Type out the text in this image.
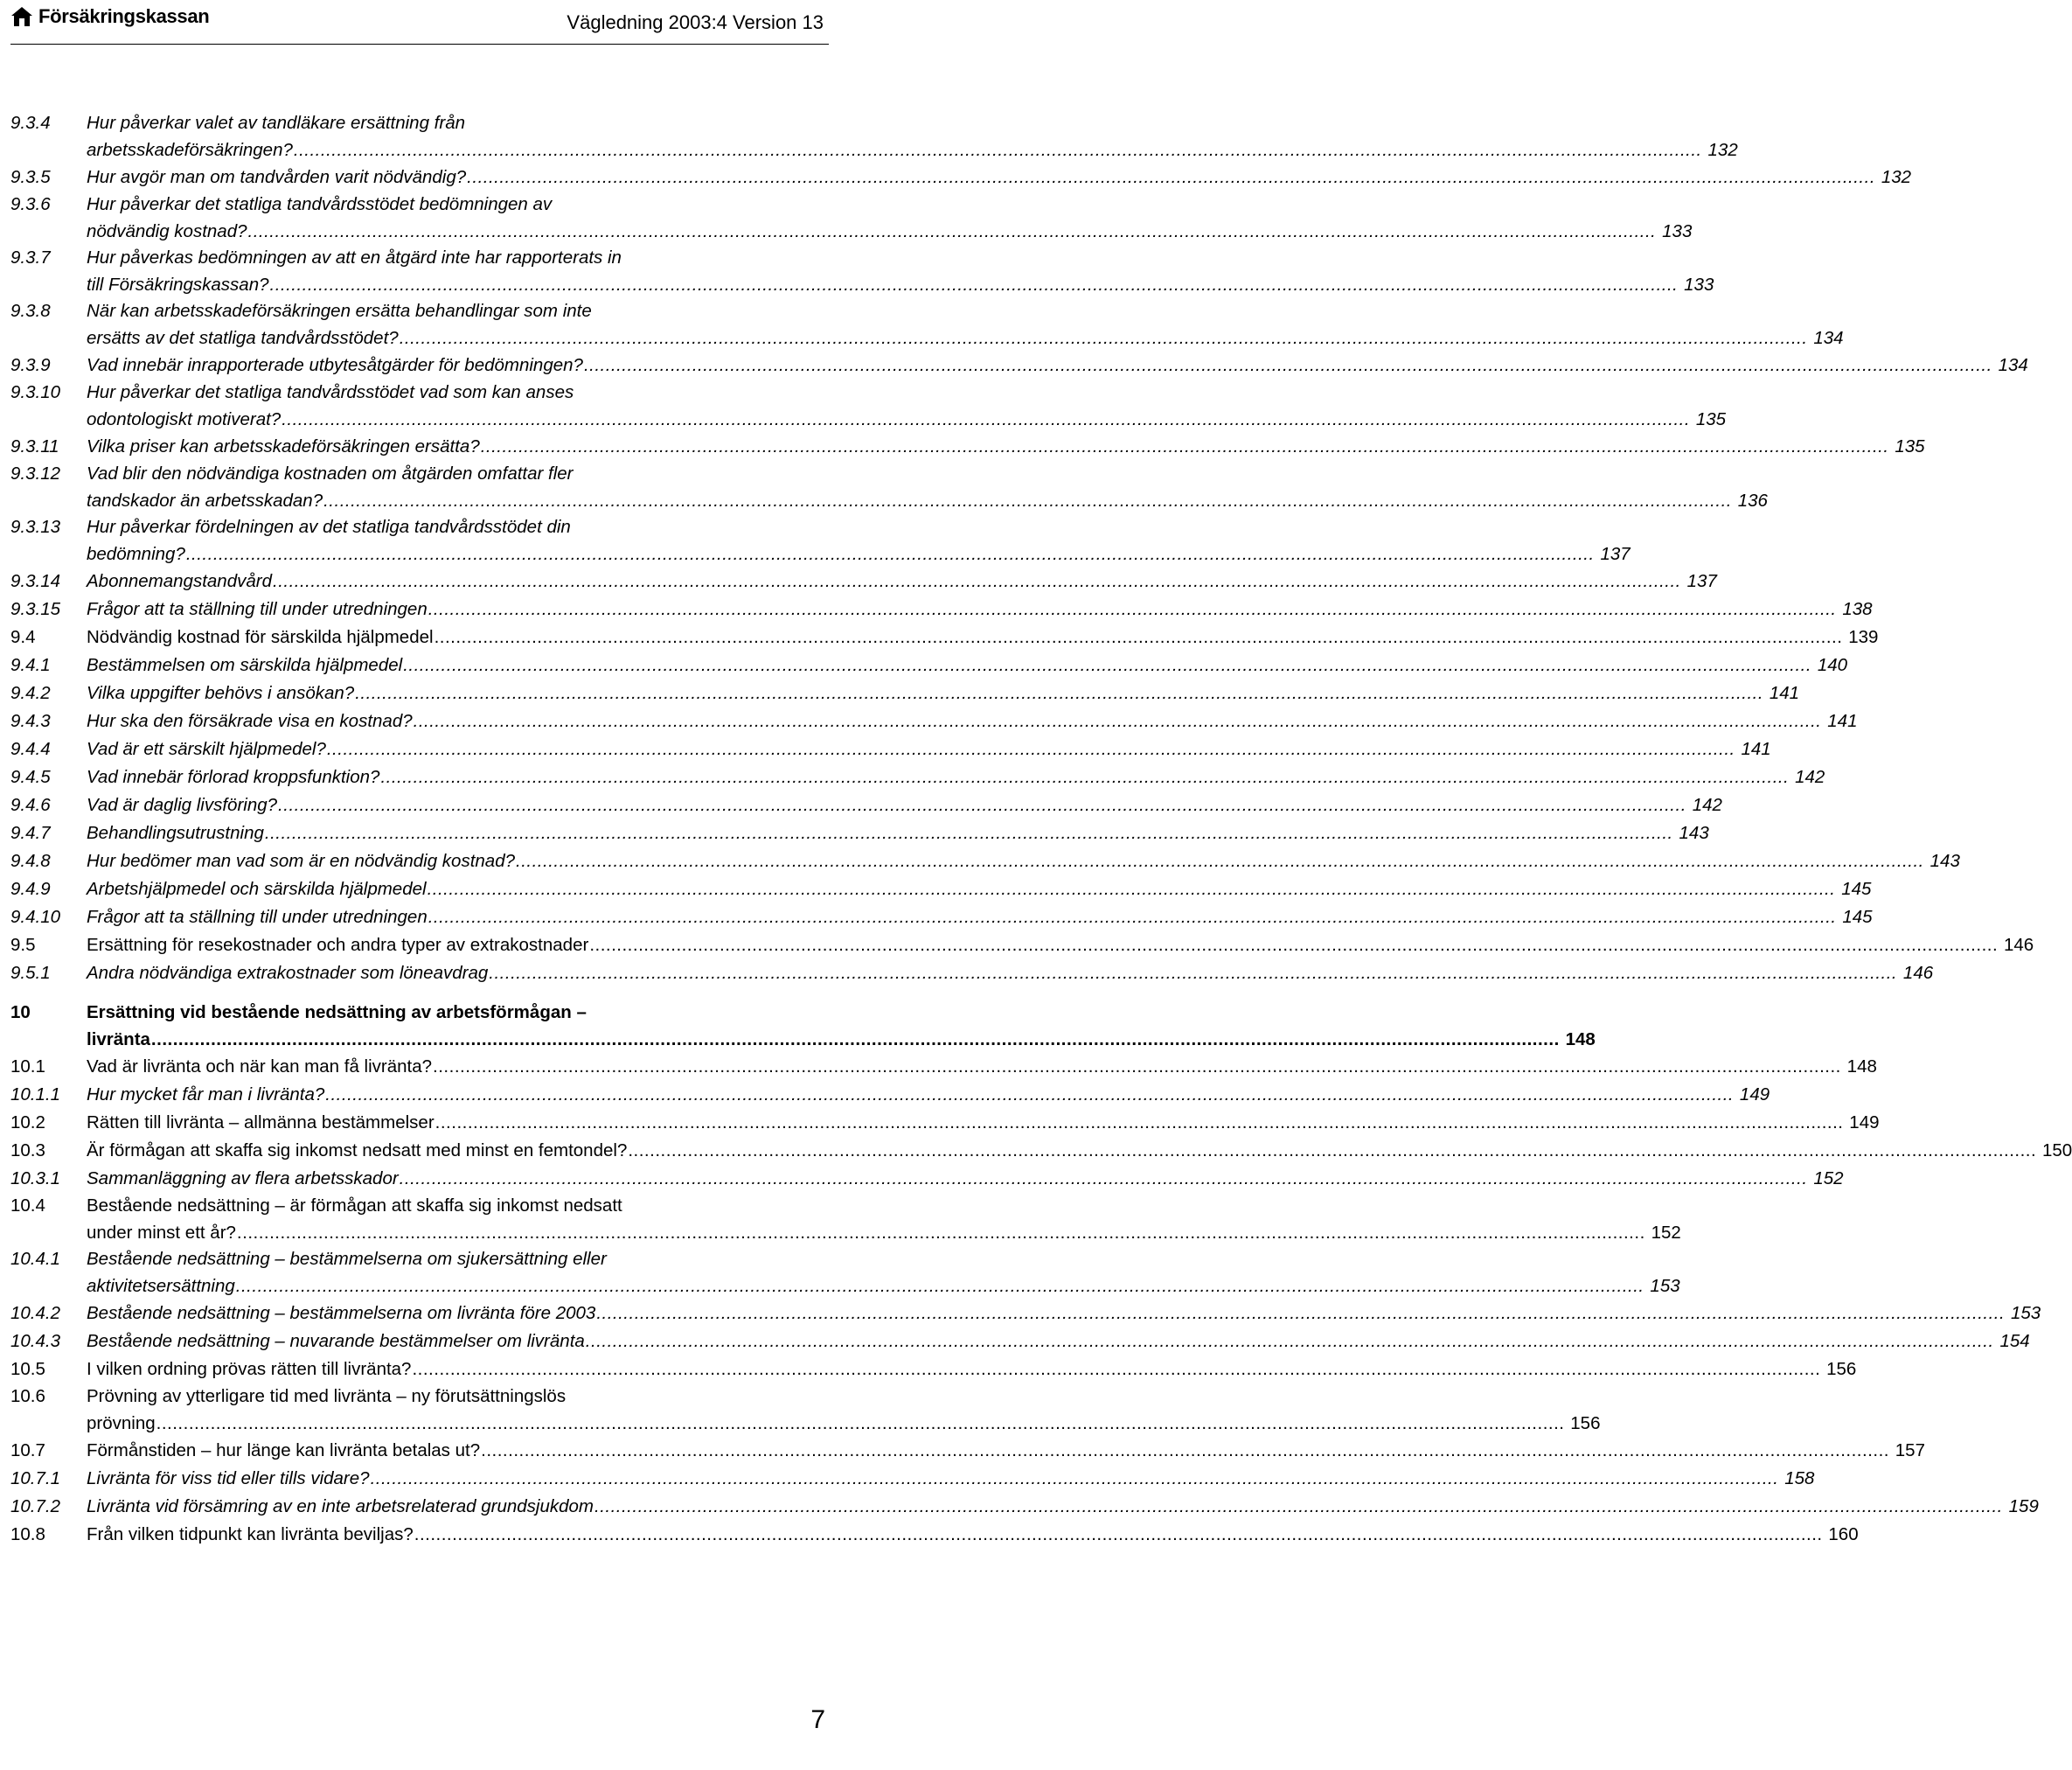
Försäkringskassan	Vägledning 2003:4 Version 13
9.3.4	Hur påverkar valet av tandläkare ersättning från
arbetsskadeförsäkringen? .....	132
9.3.5	Hur avgör man om tandvården varit nödvändig? .....	132
9.3.6	Hur påverkar det statliga tandvårdsstödet bedömningen av
nödvändig kostnad? .....	133
9.3.7	Hur påverkas bedömningen av att en åtgärd inte har rapporterats in
till Försäkringskassan? .....	133
9.3.8	När kan arbetsskadeförsäkringen ersätta behandlingar som inte
ersätts av det statliga tandvårdsstödet? .....	134
9.3.9	Vad innebär inrapporterade utbytesåtgärder för bedömningen? .....	134
9.3.10	Hur påverkar det statliga tandvårdsstödet vad som kan anses
odontologiskt motiverat? .....	135
9.3.11	Vilka priser kan arbetsskadeförsäkringen ersätta? .....	135
9.3.12	Vad blir den nödvändiga kostnaden om åtgärden omfattar fler
tandskador än arbetsskadan? .....	136
9.3.13	Hur påverkar fördelningen av det statliga tandvårdsstödet din
bedömning? .....	137
9.3.14	Abonnemangstandvård .....	137
9.3.15	Frågor att ta ställning till under utredningen .....	138
9.4	Nödvändig kostnad för särskilda hjälpmedel .....	139
9.4.1	Bestämmelsen om särskilda hjälpmedel .....	140
9.4.2	Vilka uppgifter behövs i ansökan? .....	141
9.4.3	Hur ska den försäkrade visa en kostnad? .....	141
9.4.4	Vad är ett särskilt hjälpmedel? .....	141
9.4.5	Vad innebär förlorad kroppsfunktion? .....	142
9.4.6	Vad är daglig livsföring? .....	142
9.4.7	Behandlingsutrustning .....	143
9.4.8	Hur bedömer man vad som är en nödvändig kostnad? .....	143
9.4.9	Arbetshjälpmedel och särskilda hjälpmedel .....	145
9.4.10	Frågor att ta ställning till under utredningen .....	145
9.5	Ersättning för resekostnader och andra typer av extrakostnader .....	146
9.5.1	Andra nödvändiga extrakostnader som löneavdrag .....	146
10	Ersättning vid bestående nedsättning av arbetsförmågan –
livränta .....	148
10.1	Vad är livränta och när kan man få livränta? .....	148
10.1.1	Hur mycket får man i livränta? .....	149
10.2	Rätten till livränta – allmänna bestämmelser .....	149
10.3	Är förmågan att skaffa sig inkomst nedsatt med minst en femtondel? .....	150
10.3.1	Sammanläggning av flera arbetsskador .....	152
10.4	Bestående nedsättning – är förmågan att skaffa sig inkomst nedsatt
under minst ett år? .....	152
10.4.1	Bestående nedsättning – bestämmelserna om sjukersättning eller
aktivitetsersättning .....	153
10.4.2	Bestående nedsättning – bestämmelserna om livränta före 2003 .....	153
10.4.3	Bestående nedsättning – nuvarande bestämmelser om livränta .....	154
10.5	I vilken ordning prövas rätten till livränta? .....	156
10.6	Prövning av ytterligare tid med livränta – ny förutsättningslös
prövning .....	156
10.7	Förmånstiden – hur länge kan livränta betalas ut? .....	157
10.7.1	Livränta för viss tid eller tills vidare? .....	158
10.7.2	Livränta vid försämring av en inte arbetsrelaterad grundsjukdom .....	159
10.8	Från vilken tidpunkt kan livränta beviljas? .....	160
7
